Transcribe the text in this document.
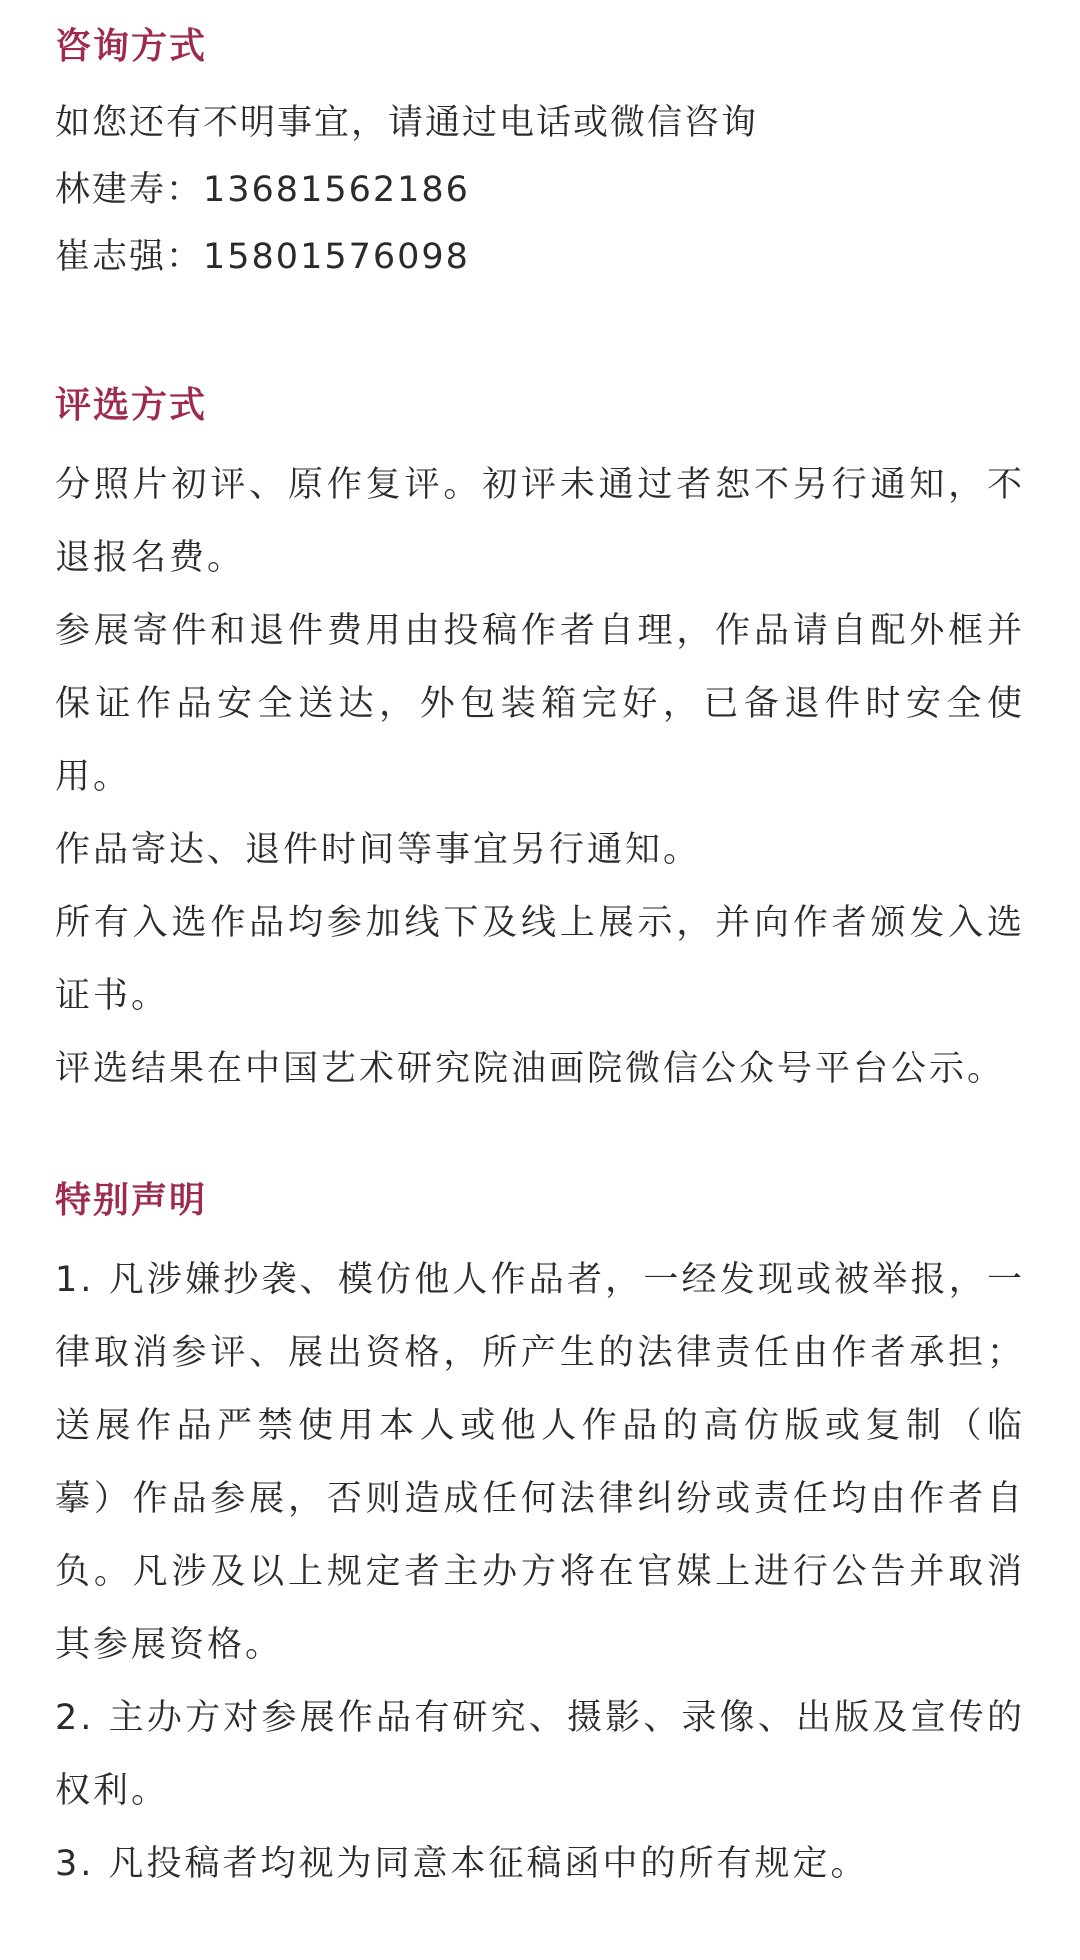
咨询方式

如您还有不明事宜，请通过电话或微信咨询

林建寿：13681562186

崔志强：15801576098

评选方式

分照片初评、原作复评。初评未通过者恕不另行通知，不退报名费。

参展寄件和退件费用由投稿作者自理，作品请自配外框并保证作品安全送达，外包装箱完好，已备退件时安全使用。

作品寄达、退件时间等事宜另行通知。

所有入选作品均参加线下及线上展示，并向作者颁发入选证书。

评选结果在中国艺术研究院油画院微信公众号平台公示。

特别声明

1. 凡涉嫌抄袭、模仿他人作品者，一经发现或被举报，一律取消参评、展出资格，所产生的法律责任由作者承担；送展作品严禁使用本人或他人作品的高仿版或复制（临摹）作品参展，否则造成任何法律纠纷或责任均由作者自负。凡涉及以上规定者主办方将在官媒上进行公告并取消其参展资格。

2. 主办方对参展作品有研究、摄影、录像、出版及宣传的权利。

3. 凡投稿者均视为同意本征稿函中的所有规定。
